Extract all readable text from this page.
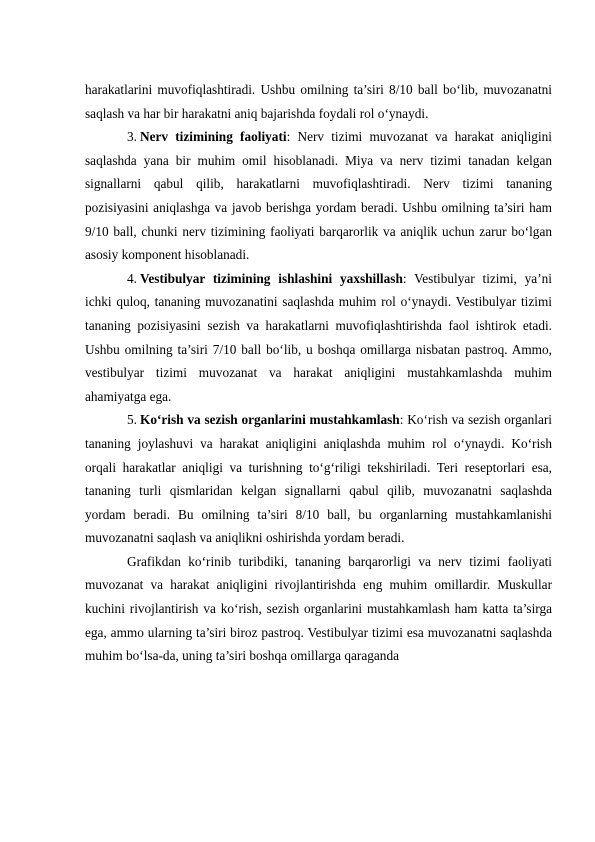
harakatlarini muvofiqlashtiradi. Ushbu omilning ta’siri 8/10 ball bo‘lib, muvozanatni saqlash va har bir harakatni aniq bajarishda foydali rol o‘ynaydi.

3. Nerv tizimining faoliyati: Nerv tizimi muvozanat va harakat aniqligini saqlashda yana bir muhim omil hisoblanadi. Miya va nerv tizimi tanadan kelgan signallarni qabul qilib, harakatlarni muvofiqlashtiradi. Nerv tizimi tananing pozisiyasini aniqlashga va javob berishga yordam beradi. Ushbu omilning ta’siri ham 9/10 ball, chunki nerv tizimining faoliyati barqarorlik va aniqlik uchun zarur bo‘lgan asosiy komponent hisoblanadi.

4. Vestibulyar tizimining ishlashini yaxshillash: Vestibulyar tizimi, ya’ni ichki quloq, tananing muvozanatini saqlashda muhim rol o‘ynaydi. Vestibulyar tizimi tananing pozisiyasini sezish va harakatlarni muvofiqlashtirishda faol ishtirok etadi. Ushbu omilning ta’siri 7/10 ball bo‘lib, u boshqa omillarga nisbatan pastroq. Ammo, vestibulyar tizimi muvozanat va harakat aniqligini mustahkamlashda muhim ahamiyatga ega.

5. Ko‘rish va sezish organlarini mustahkamlash: Ko‘rish va sezish organlari tananing joylashuvi va harakat aniqligini aniqlashda muhim rol o‘ynaydi. Ko‘rish orqali harakatlar aniqligi va turishning to‘g‘riligi tekshiriladi. Teri reseptorlari esa, tananing turli qismlaridan kelgan signallarni qabul qilib, muvozanatni saqlashda yordam beradi. Bu omilning ta’siri 8/10 ball, bu organlarning mustahkamlanishi muvozanatni saqlash va aniqlikni oshirishda yordam beradi.

Grafikdan ko‘rinib turibdiki, tananing barqarorligi va nerv tizimi faoliyati muvozanat va harakat aniqligini rivojlantirishda eng muhim omillardir. Muskullar kuchini rivojlantirish va ko‘rish, sezish organlarini mustahkamlash ham katta ta’sirga ega, ammo ularning ta’siri biroz pastroq. Vestibulyar tizimi esa muvozanatni saqlashda muhim bo‘lsa-da, uning ta’siri boshqa omillarga qaraganda
